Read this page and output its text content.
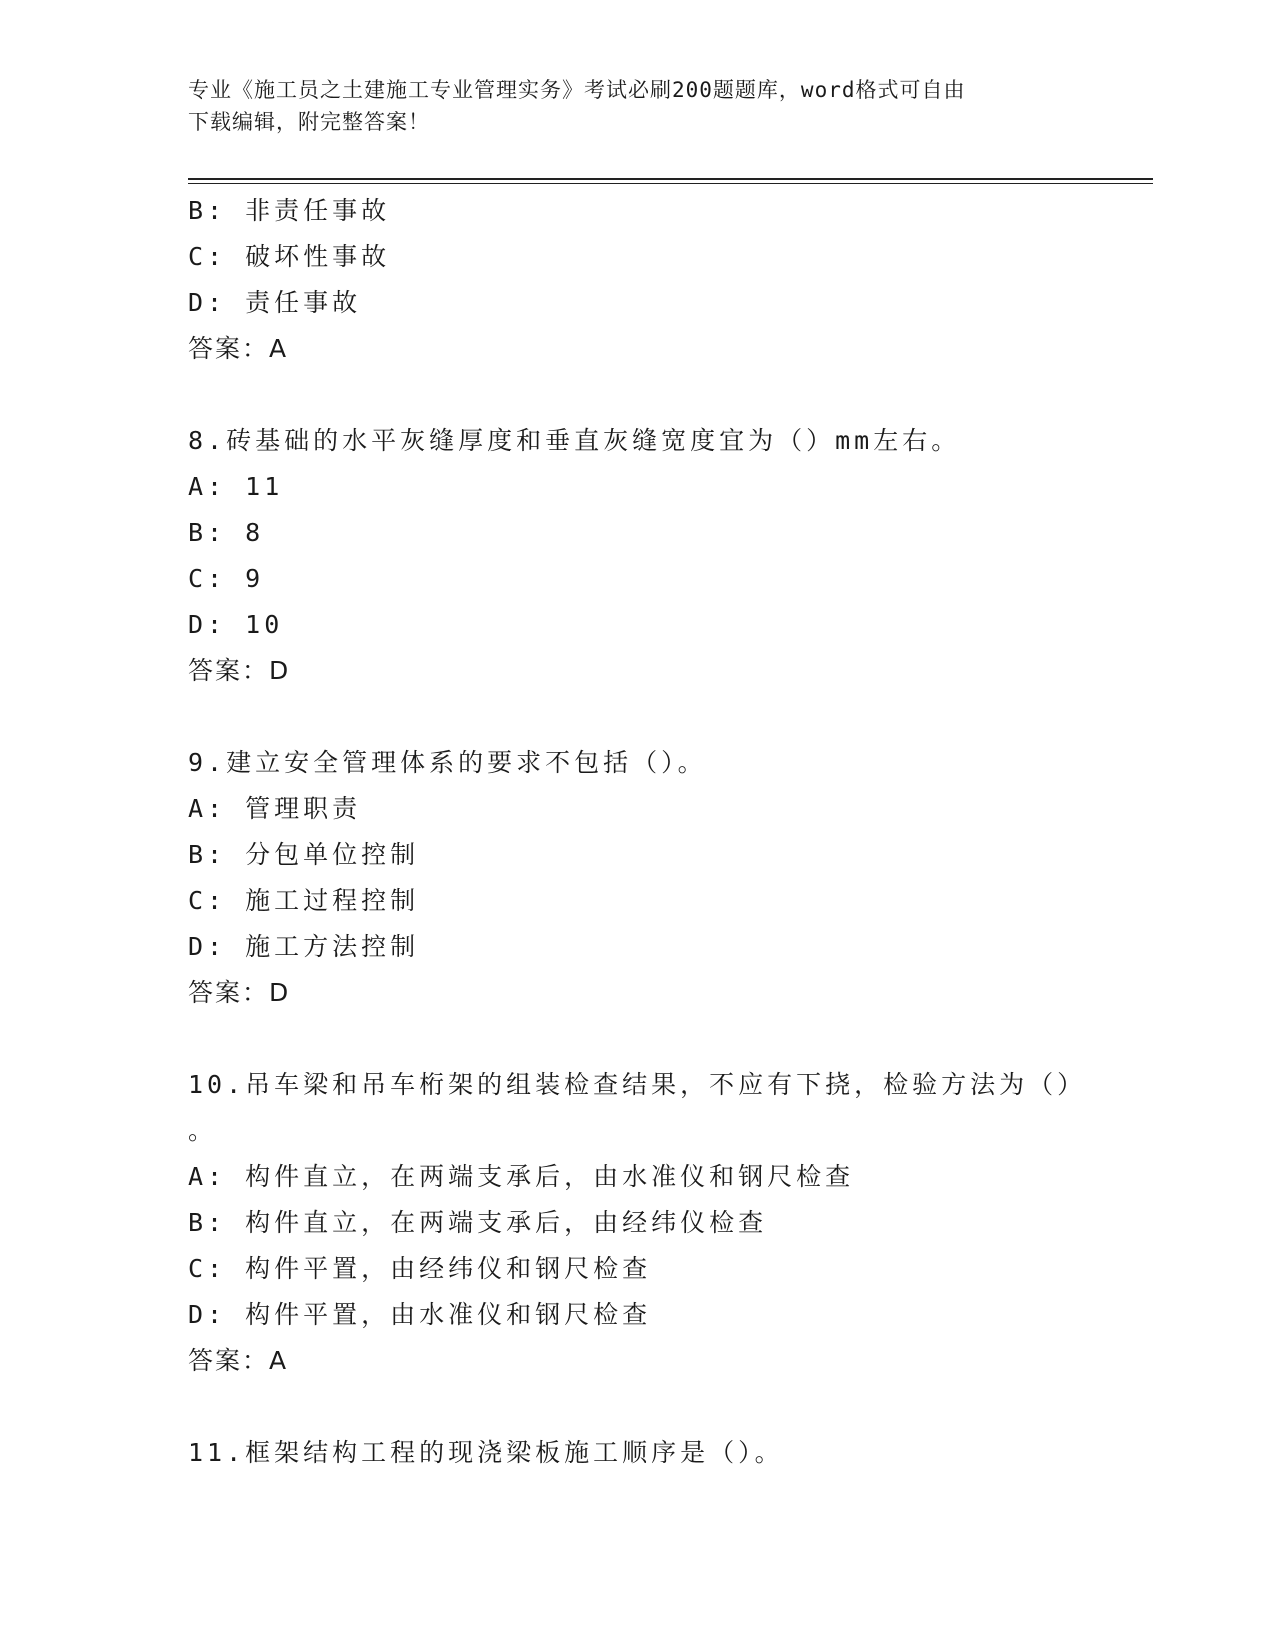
专业《施工员之土建施工专业管理实务》考试必刷200题题库，word格式可自由
下载编辑，附完整答案！
B: 非责任事故
C: 破坏性事故
D: 责任事故
答案：A
8.砖基础的水平灰缝厚度和垂直灰缝宽度宜为（）mm左右。
A: 11
B: 8
C: 9
D: 10
答案：D
9.建立安全管理体系的要求不包括（）。
A: 管理职责
B: 分包单位控制
C: 施工过程控制
D: 施工方法控制
答案：D
10.吊车梁和吊车桁架的组装检查结果，不应有下挠，检验方法为（）
。
A: 构件直立，在两端支承后，由水准仪和钢尺检查
B: 构件直立，在两端支承后，由经纬仪检查
C: 构件平置，由经纬仪和钢尺检查
D: 构件平置，由水准仪和钢尺检查
答案：A
11.框架结构工程的现浇梁板施工顺序是（）。
